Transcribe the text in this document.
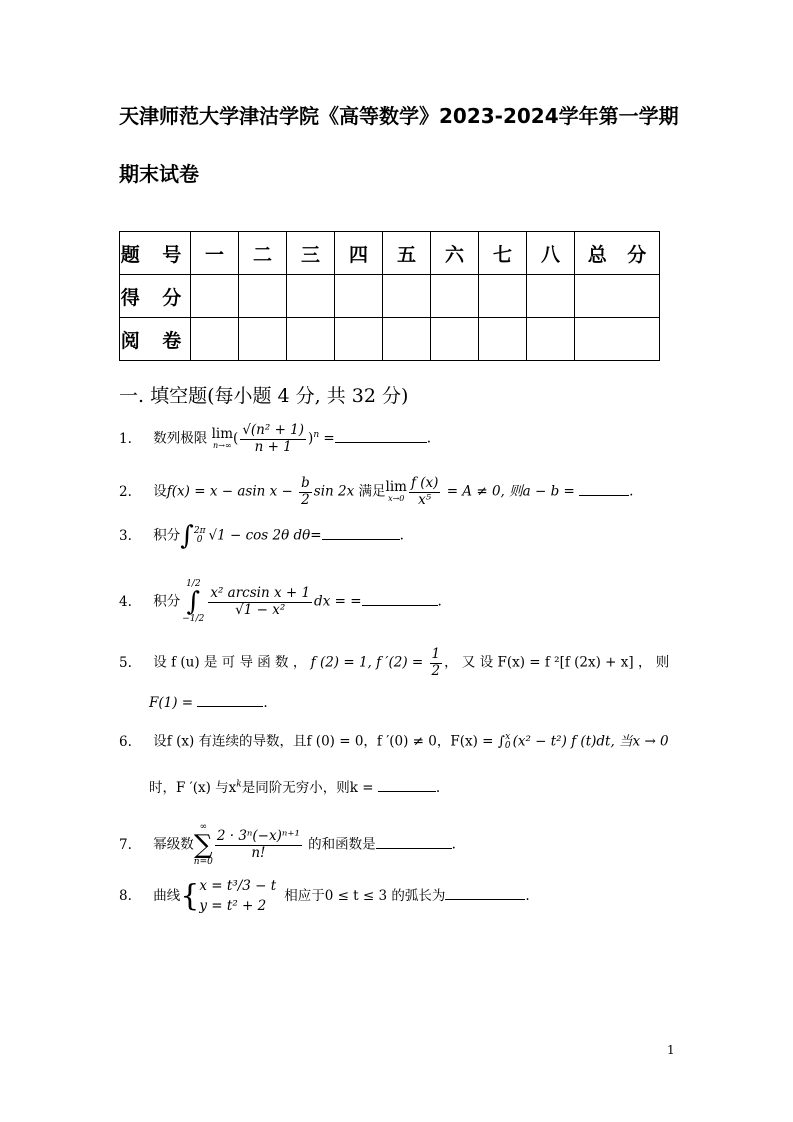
天津师范大学津沽学院《高等数学》2023-2024学年第一学期
期末试卷
题 号	一	二	三	四	五	六	七	八	总 分
得 分									
阅 卷									
一. 填空题(每小题 4 分, 共 32 分)
1. 数列极限 lim
n→∞ ( $\frac{\text{√(n² + 1)}}{n + 1} )^n$ =	.
2. 设f(x) = x − asin $x - \frac{b}{2}$ sin 2x 满足 lim
$x\to 0 \frac{f (x)}{\text{x⁵}} = A \ne 0$, 则a − b =	.
3. 积分∫ 2π
0 √1 − cos 2θ dθ=	.
4. 积分
1/2
∫
−1/2
$\frac{\text{x² arcsin x + 1}}{\text{√1 − x²}}$ dx = =	.
5. 设 f (u) 是 可 导 函 数 ， f (2) = 1, f $'(2) = \frac{1}{2}$ ， 又 设 F(x) = f ²[f (2x) + x] ， 则
F(1) =	.
6. 设f (x) 有连续的导数，且f (0) = 0，f ′(0) ≠ 0，F(x) = ∫ x
0 (x² − t²) f (t)dt, 当x → 0
时，F ′(x) 与$x^k$是同阶无穷小，则k =	.
7. 幂级数
∞
∑
n=0
$\frac{\text{2 · 3ⁿ(−x)ⁿ⁺¹}}{n!}$ 的和函数是	.
8. 曲线{ x = t³/3 − t
y = t² + 2
相应于0 ≤ t ≤ 3 的弧长为	.
1
